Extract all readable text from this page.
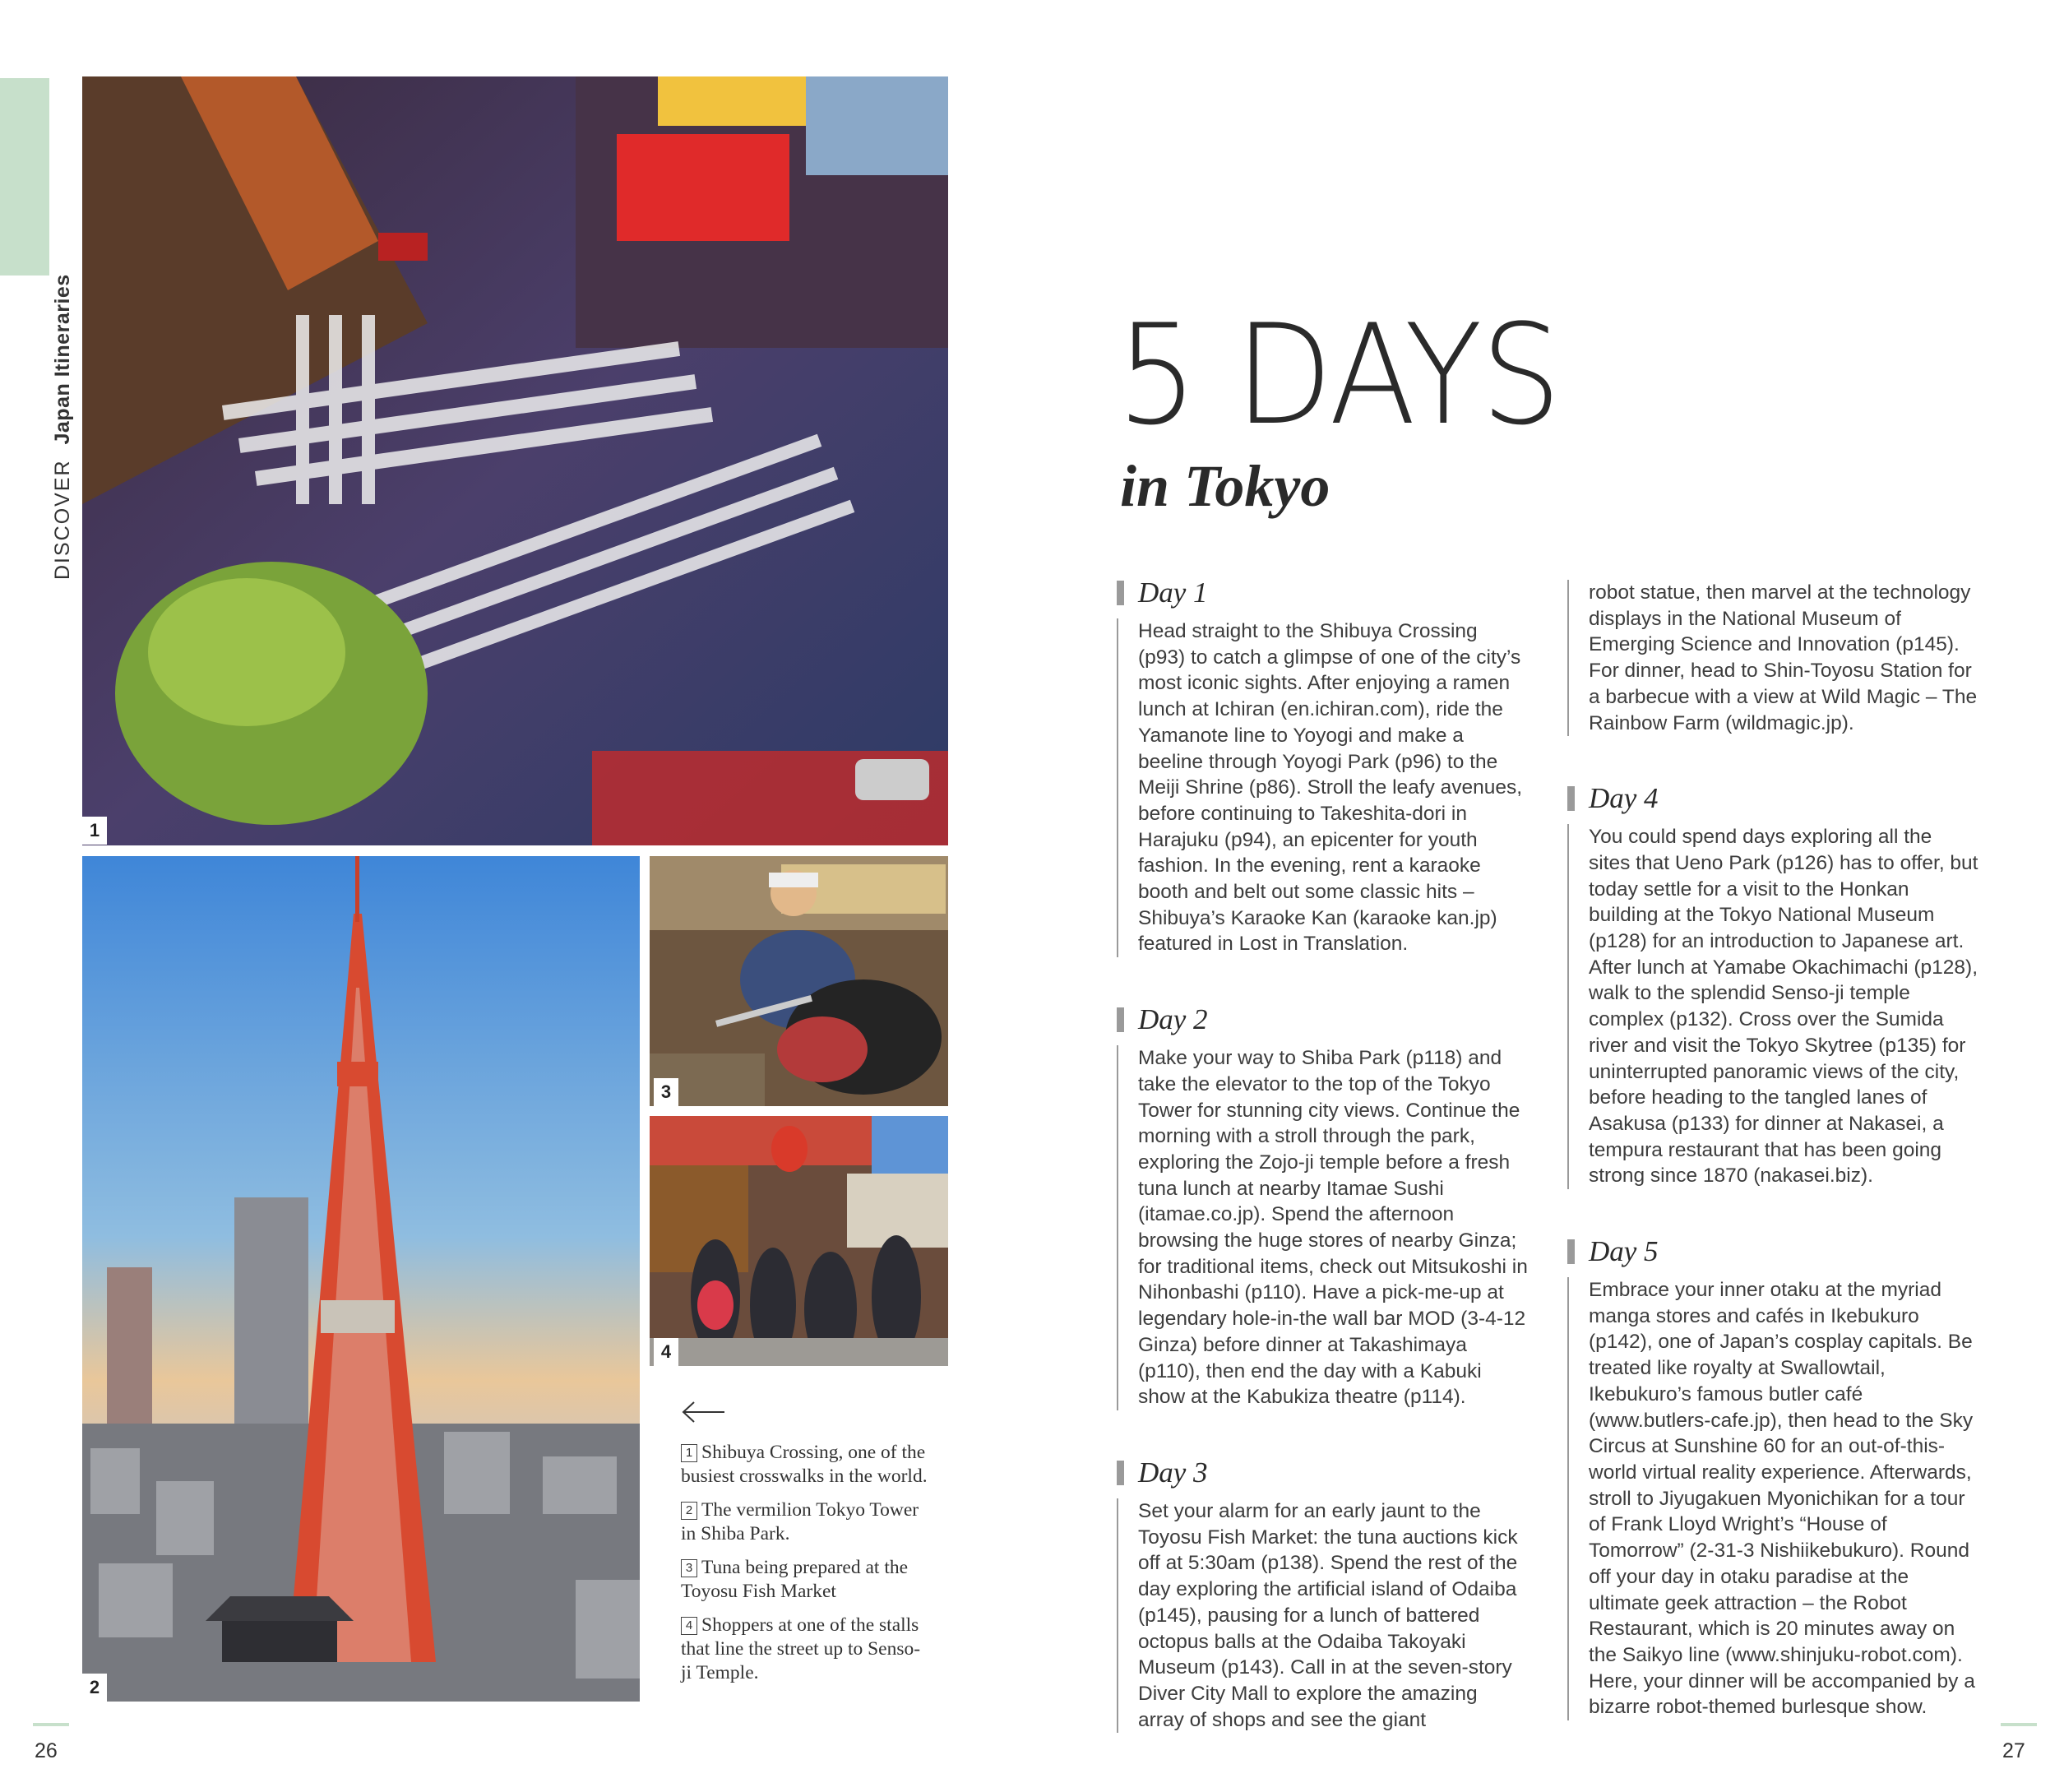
DISCOVER  Japan Itineraries
1
2
3
4
1 Shibuya Crossing, one of the busiest crosswalks in the world.
2 The vermilion Tokyo Tower in Shiba Park.
3 Tuna being prepared at the Toyosu Fish Market
4 Shoppers at one of the stalls that line the street up to Senso-ji Temple.
5 DAYS
in Tokyo
Day 1

Head straight to the Shibuya Crossing (p93) to catch a glimpse of one of the city’s most iconic sights. After enjoying a ramen lunch at Ichiran (en.ichiran.com), ride the Yamanote line to Yoyogi and make a beeline through Yoyogi Park (p96) to the Meiji Shrine (p86). Stroll the leafy avenues, before continuing to Takeshita-dori in Harajuku (p94), an epicenter for youth fashion. In the evening, rent a karaoke booth and belt out some classic hits – Shibuya’s Karaoke Kan (karaoke kan.jp) featured in Lost in Translation.

Day 2

Make your way to Shiba Park (p118) and take the elevator to the top of the Tokyo Tower for stunning city views. Continue the morning with a stroll through the park, exploring the Zojo-ji temple before a fresh tuna lunch at nearby Itamae Sushi (itamae.co.jp). Spend the afternoon browsing the huge stores of nearby Ginza; for traditional items, check out Mitsukoshi in Nihonbashi (p110). Have a pick-me-up at legendary hole-in-the wall bar MOD (3-4-12 Ginza) before dinner at Takashimaya (p110), then end the day with a Kabuki show at the Kabukiza theatre (p114).

Day 3

Set your alarm for an early jaunt to the Toyosu Fish Market: the tuna auctions kick off at 5:30am (p138). Spend the rest of the day exploring the artificial island of Odaiba (p145), pausing for a lunch of battered octopus balls at the Odaiba Takoyaki Museum (p143). Call in at the seven-story Diver City Mall to explore the amazing array of shops and see the giant

robot statue, then marvel at the technology displays in the National Museum of Emerging Science and Innovation (p145). For dinner, head to Shin-Toyosu Station for a barbecue with a view at Wild Magic – The Rainbow Farm (wildmagic.jp).

Day 4

You could spend days exploring all the sites that Ueno Park (p126) has to offer, but today settle for a visit to the Honkan building at the Tokyo National Museum (p128) for an introduction to Japanese art. After lunch at Yamabe Okachimachi (p128), walk to the splendid Senso-ji temple complex (p132). Cross over the Sumida river and visit the Tokyo Skytree (p135) for uninterrupted panoramic views of the city, before heading to the tangled lanes of Asakusa (p133) for dinner at Nakasei, a tempura restaurant that has been going strong since 1870 (nakasei.biz).

Day 5

Embrace your inner otaku at the myriad manga stores and cafés in Ikebukuro (p142), one of Japan’s cosplay capitals. Be treated like royalty at Swallowtail, Ikebukuro’s famous butler café (www.butlers-cafe.jp), then head to the Sky Circus at Sunshine 60 for an out-of-this-world virtual reality experience. Afterwards, stroll to Jiyugakuen Myonichikan for a tour of Frank Lloyd Wright’s “House of Tomorrow” (2-31-3 Nishiikebukuro). Round off your day in otaku paradise at the ultimate geek attraction – the Robot Restaurant, which is 20 minutes away on the Saikyo line (www.shinjuku-robot.com). Here, your dinner will be accompanied by a bizarre robot-themed burlesque show.

26	27
